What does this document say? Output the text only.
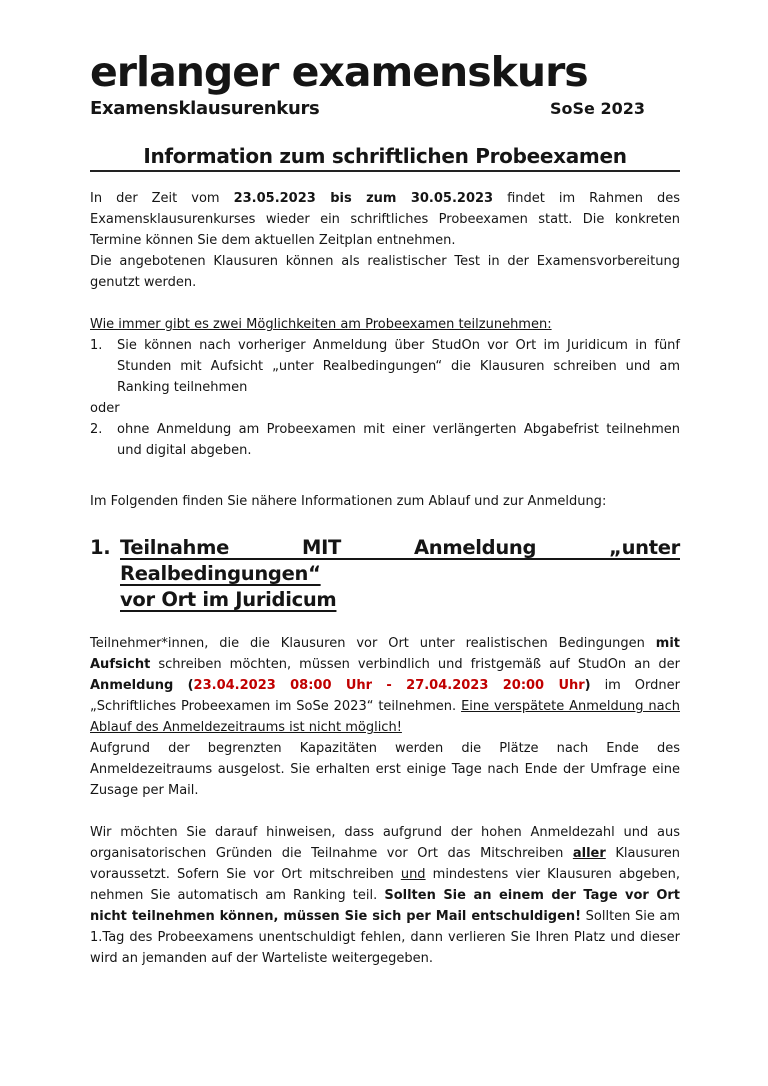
erlanger examenskurs
Examensklausurenkurs	SoSe 2023
Information zum schriftlichen Probeexamen

In der Zeit vom 23.05.2023 bis zum 30.05.2023 findet im Rahmen des Examensklausurenkurses wieder ein schriftliches Probeexamen statt. Die konkreten Termine können Sie dem aktuellen Zeitplan entnehmen.

Die angebotenen Klausuren können als realistischer Test in der Examensvorbereitung genutzt werden.

Wie immer gibt es zwei Möglichkeiten am Probeexamen teilzunehmen:

1. Sie können nach vorheriger Anmeldung über StudOn vor Ort im Juridicum in fünf Stunden mit Aufsicht „unter Realbedingungen“ die Klausuren schreiben und am Ranking teilnehmen

oder

2. ohne Anmeldung am Probeexamen mit einer verlängerten Abgabefrist teilnehmen und digital abgeben.

Im Folgenden finden Sie nähere Informationen zum Ablauf und zur Anmeldung:

1. Teilnahme MIT Anmeldung „unter Realbedingungen“
vor Ort im Juridicum

Teilnehmer*innen, die die Klausuren vor Ort unter realistischen Bedingungen mit Aufsicht schreiben möchten, müssen verbindlich und fristgemäß auf StudOn an der Anmeldung (23.04.2023 08:00 Uhr - 27.04.2023 20:00 Uhr) im Ordner „Schriftliches Probeexamen im SoSe 2023“ teilnehmen. Eine verspätete Anmeldung nach Ablauf des Anmeldezeitraums ist nicht möglich!

Aufgrund der begrenzten Kapazitäten werden die Plätze nach Ende des Anmeldezeitraums ausgelost. Sie erhalten erst einige Tage nach Ende der Umfrage eine Zusage per Mail.

Wir möchten Sie darauf hinweisen, dass aufgrund der hohen Anmeldezahl und aus organisatorischen Gründen die Teilnahme vor Ort das Mitschreiben aller Klausuren voraussetzt. Sofern Sie vor Ort mitschreiben und mindestens vier Klausuren abgeben, nehmen Sie automatisch am Ranking teil. Sollten Sie an einem der Tage vor Ort nicht teilnehmen können, müssen Sie sich per Mail entschuldigen! Sollten Sie am 1.Tag des Probeexamens unentschuldigt fehlen, dann verlieren Sie Ihren Platz und dieser wird an jemanden auf der Warteliste weitergegeben.
